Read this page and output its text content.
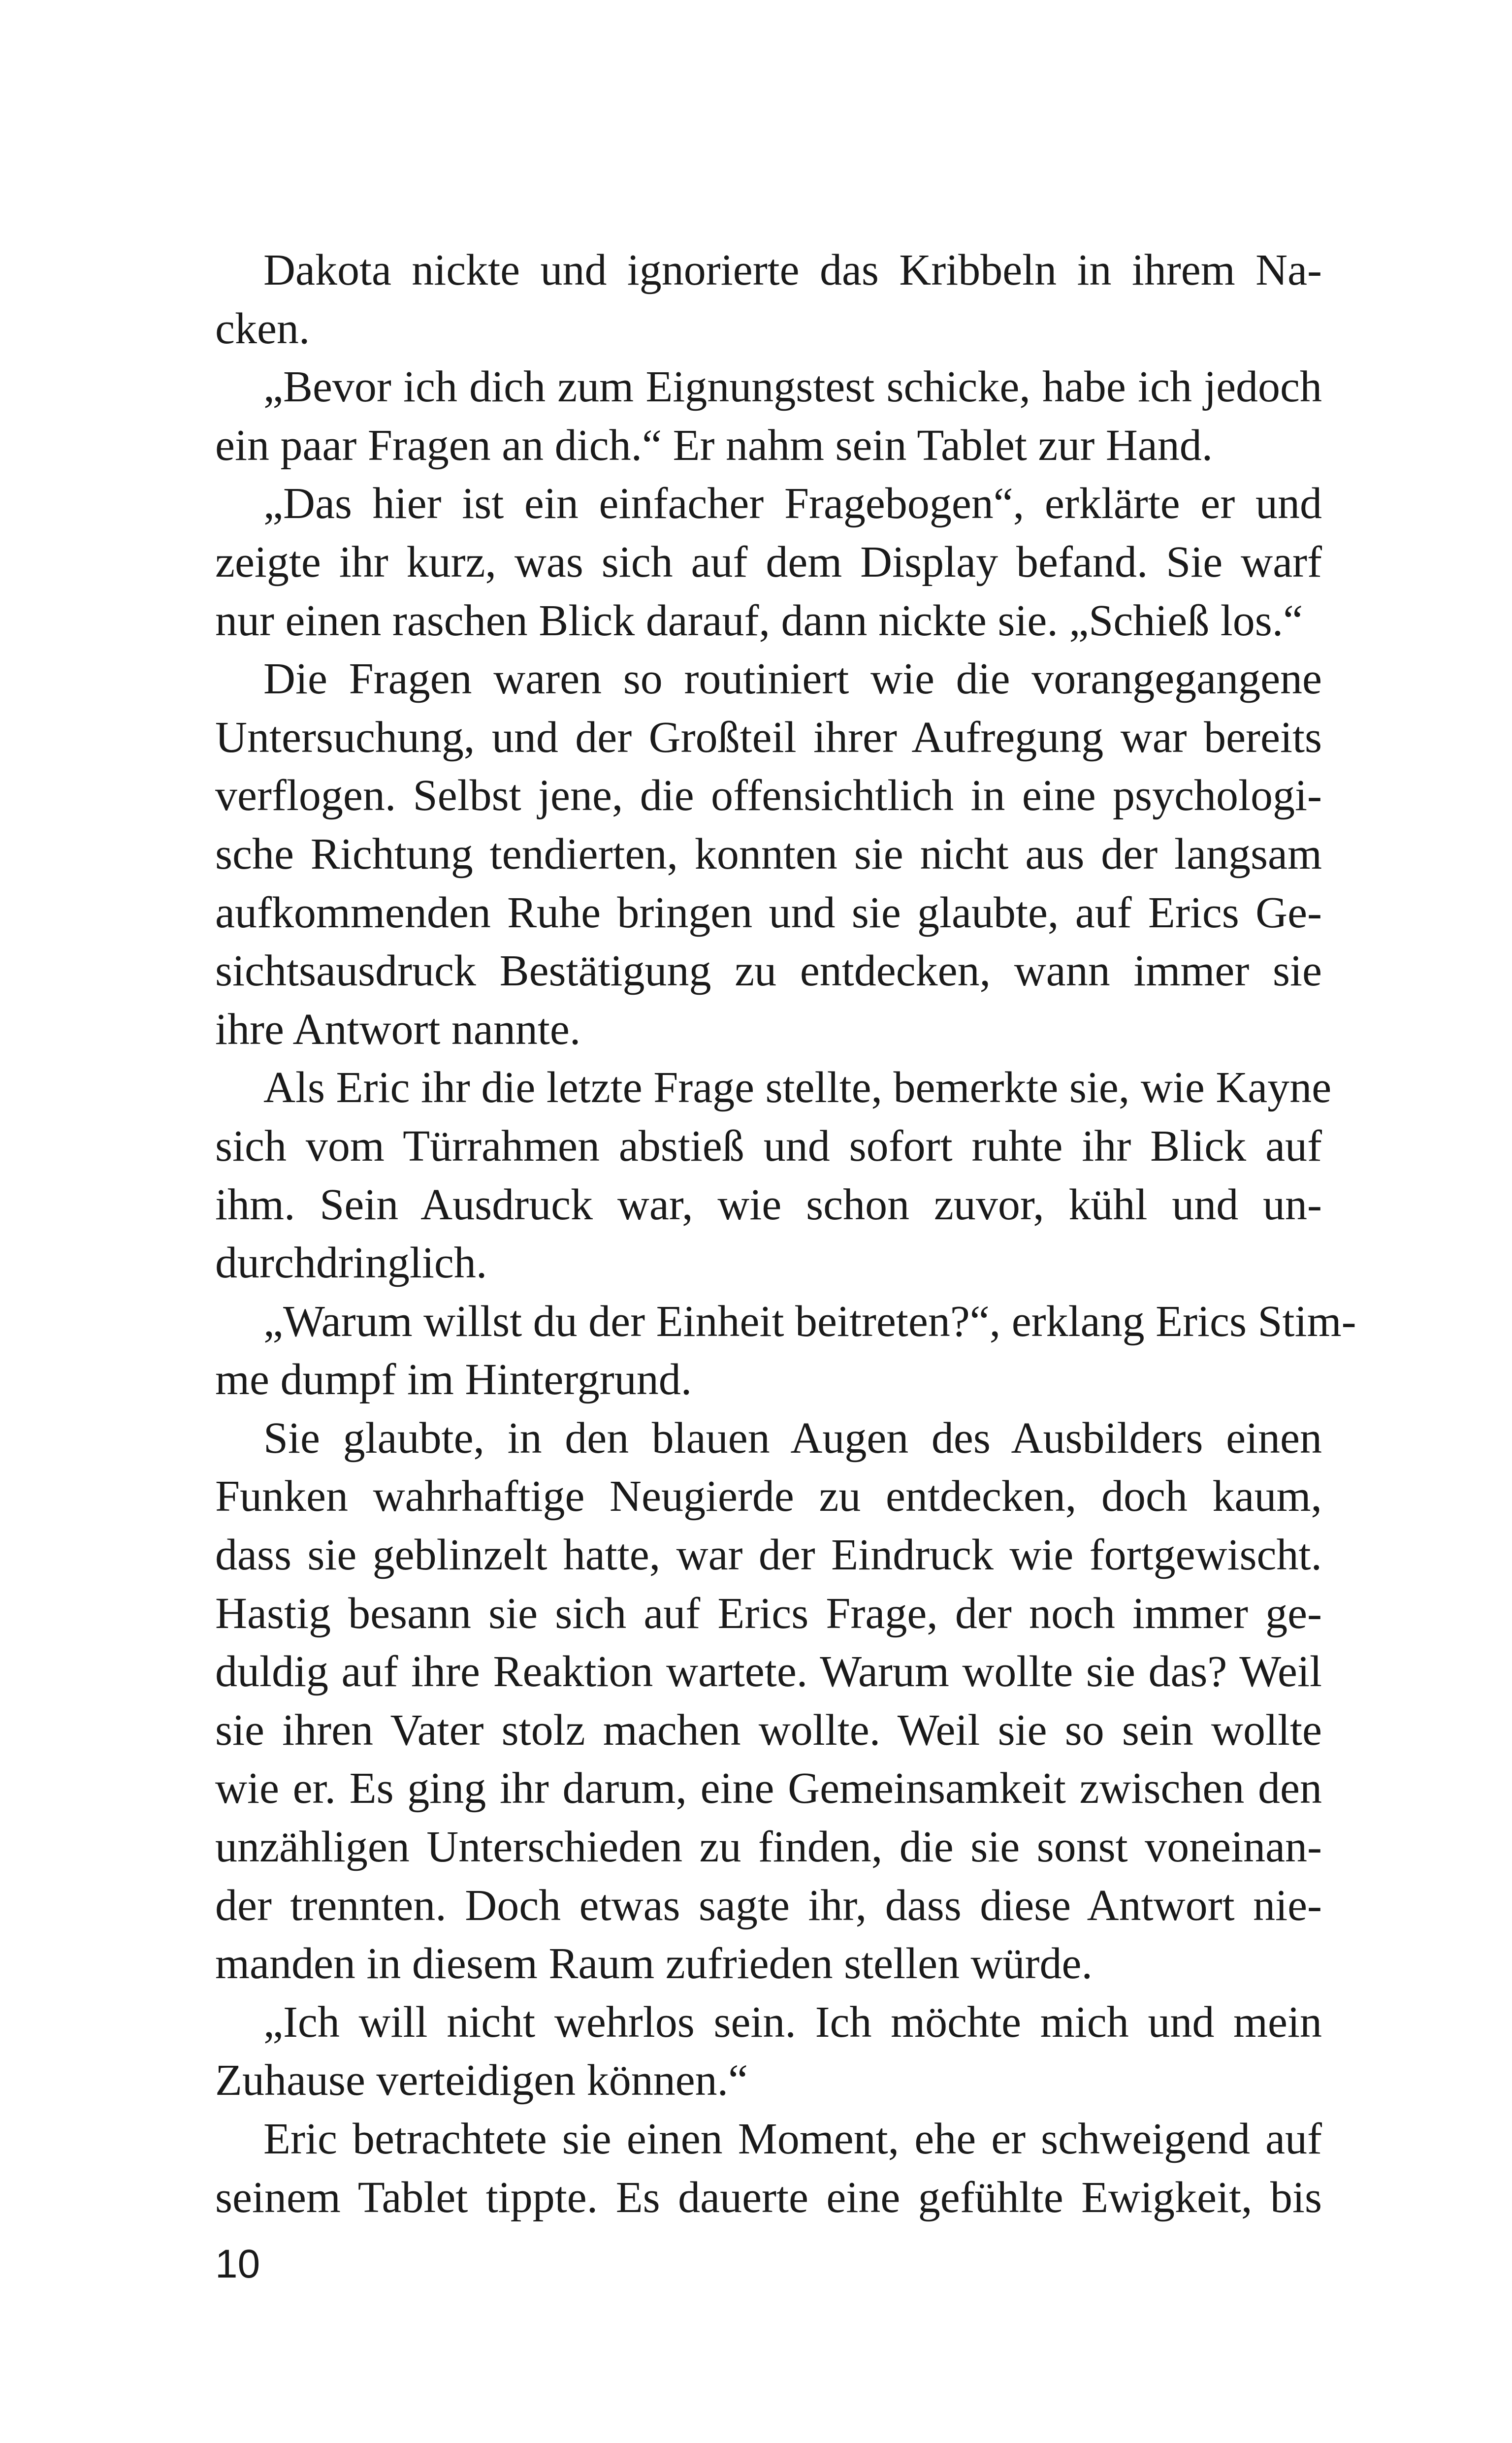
Dakota nickte und ignorierte das Kribbeln in ihrem Na-
cken.
„Bevor ich dich zum Eignungstest schicke, habe ich jedoch
ein paar Fragen an dich.“ Er nahm sein Tablet zur Hand.
„Das hier ist ein einfacher Fragebogen“, erklärte er und
zeigte ihr kurz, was sich auf dem Display befand. Sie warf
nur einen raschen Blick darauf, dann nickte sie. „Schieß los.“
Die Fragen waren so routiniert wie die vorangegangene
Untersuchung, und der Großteil ihrer Aufregung war bereits
verflogen. Selbst jene, die offensichtlich in eine psychologi-
sche Richtung tendierten, konnten sie nicht aus der langsam
aufkommenden Ruhe bringen und sie glaubte, auf Erics Ge-
sichtsausdruck Bestätigung zu entdecken, wann immer sie
ihre Antwort nannte.
Als Eric ihr die letzte Frage stellte, bemerkte sie, wie Kayne
sich vom Türrahmen abstieß und sofort ruhte ihr Blick auf
ihm. Sein Ausdruck war, wie schon zuvor, kühl und un-
durchdringlich.
„Warum willst du der Einheit beitreten?“, erklang Erics Stim-
me dumpf im Hintergrund.
Sie glaubte, in den blauen Augen des Ausbilders einen
Funken wahrhaftige Neugierde zu entdecken, doch kaum,
dass sie geblinzelt hatte, war der Eindruck wie fortgewischt.
Hastig besann sie sich auf Erics Frage, der noch immer ge-
duldig auf ihre Reaktion wartete. Warum wollte sie das? Weil
sie ihren Vater stolz machen wollte. Weil sie so sein wollte
wie er. Es ging ihr darum, eine Gemeinsamkeit zwischen den
unzähligen Unterschieden zu finden, die sie sonst voneinan-
der trennten. Doch etwas sagte ihr, dass diese Antwort nie-
manden in diesem Raum zufrieden stellen würde.
„Ich will nicht wehrlos sein. Ich möchte mich und mein
Zuhause verteidigen können.“
Eric betrachtete sie einen Moment, ehe er schweigend auf
seinem Tablet tippte. Es dauerte eine gefühlte Ewigkeit, bis
10
